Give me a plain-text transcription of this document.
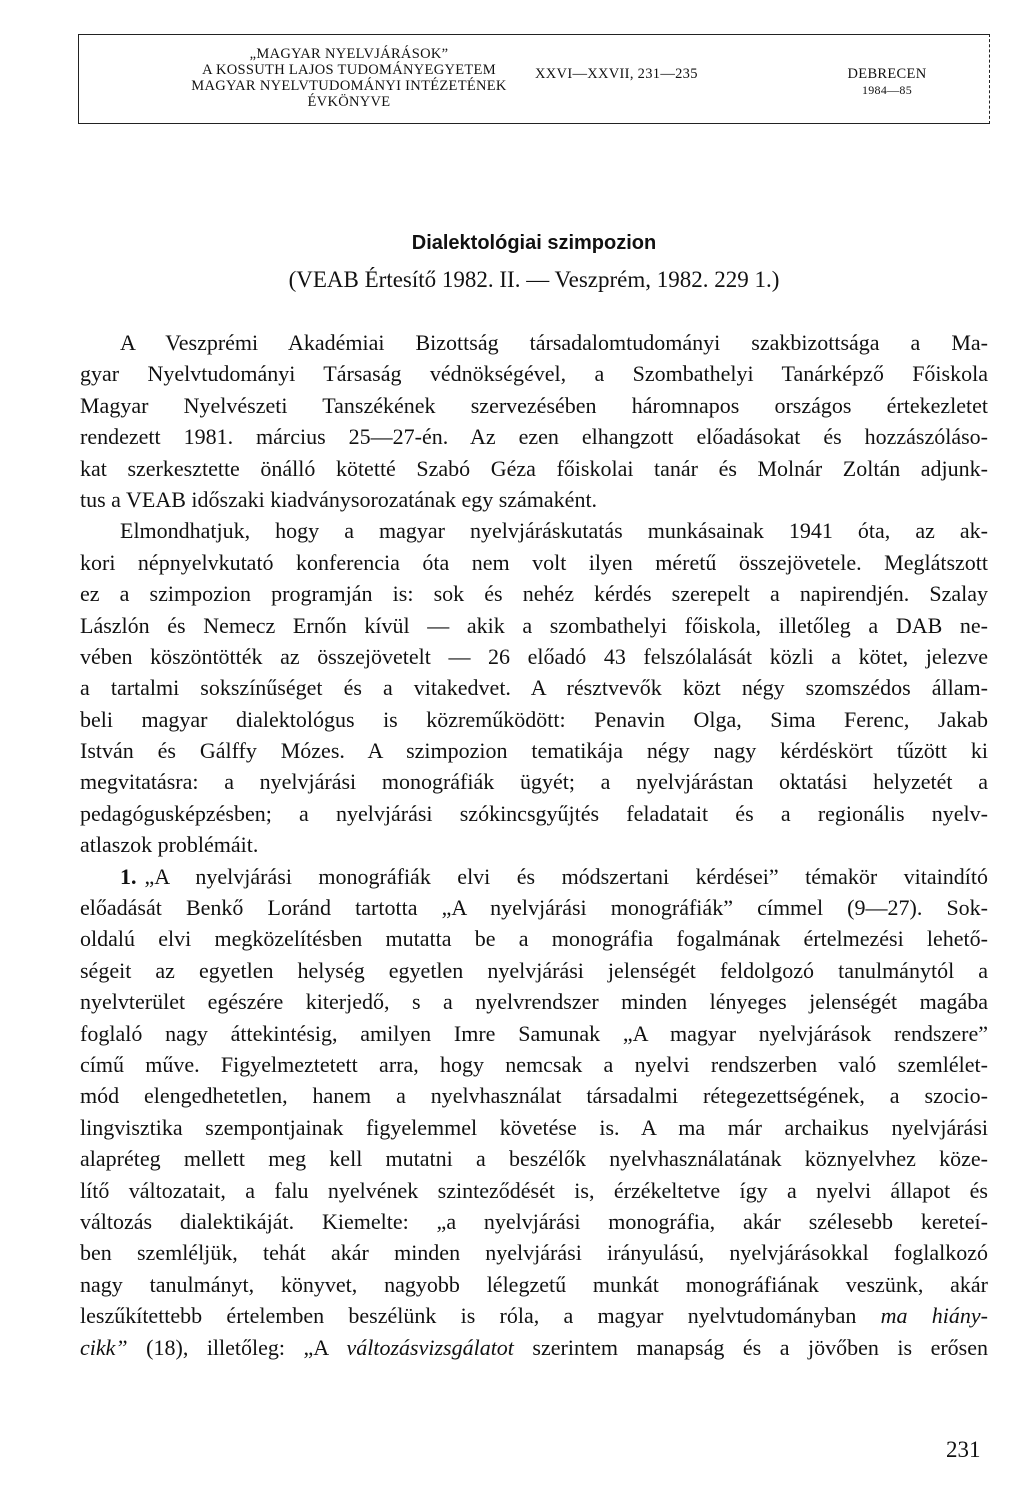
„MAGYAR NYELVJÁRÁSOK”
A KOSSUTH LAJOS TUDOMÁNYEGYETEM
MAGYAR NYELVTUDOMÁNYI INTÉZETÉNEK
ÉVKÖNYVE
XXVI—XXVII, 231—235	DEBRECEN
1984—85
Dialektológiai szimpozion
(VEAB Értesítő 1982. II. — Veszprém, 1982. 229 1.)
A Veszprémi Akadémiai Bizottság társadalomtudományi szakbizottsága a Ma-
gyar Nyelvtudományi Társaság védnökségével, a Szombathelyi Tanárképző Főiskola
Magyar Nyelvészeti Tanszékének szervezésében háromnapos országos értekezletet
rendezett 1981. március 25—27-én. Az ezen elhangzott előadásokat és hozzászóláso-
kat szerkesztette önálló kötetté Szabó Géza főiskolai tanár és Molnár Zoltán adjunk-
tus a VEAB időszaki kiadványsorozatának egy számaként.
Elmondhatjuk, hogy a magyar nyelvjáráskutatás munkásainak 1941 óta, az ak-
kori népnyelvkutató konferencia óta nem volt ilyen méretű összejövetele. Meglátszott
ez a szimpozion programján is: sok és nehéz kérdés szerepelt a napirendjén. Szalay
Lászlón és Nemecz Ernőn kívül — akik a szombathelyi főiskola, illetőleg a DAB ne-
vében köszöntötték az összejövetelt — 26 előadó 43 felszólalását közli a kötet, jelezve
a tartalmi sokszínűséget és a vitakedvet. A résztvevők közt négy szomszédos állam-
beli magyar dialektológus is közreműködött: Penavin Olga, Sima Ferenc, Jakab
István és Gálffy Mózes. A szimpozion tematikája négy nagy kérdéskört tűzött ki
megvitatásra: a nyelvjárási monográfiák ügyét; a nyelvjárástan oktatási helyzetét a
pedagógusképzésben; a nyelvjárási szókincsgyűjtés feladatait és a regionális nyelv-
atlaszok problémáit.
1. „A nyelvjárási monográfiák elvi és módszertani kérdései” témakör vitaindító
előadását Benkő Loránd tartotta „A nyelvjárási monográfiák” címmel (9—27). Sok-
oldalú elvi megközelítésben mutatta be a monográfia fogalmának értelmezési lehető-
ségeit az egyetlen helység egyetlen nyelvjárási jelenségét feldolgozó tanulmánytól a
nyelvterület egészére kiterjedő, s a nyelvrendszer minden lényeges jelenségét magába
foglaló nagy áttekintésig, amilyen Imre Samunak „A magyar nyelvjárások rendszere”
című műve. Figyelmeztetett arra, hogy nemcsak a nyelvi rendszerben való szemlélet-
mód elengedhetetlen, hanem a nyelvhasználat társadalmi rétegezettségének, a szocio-
lingvisztika szempontjainak figyelemmel követése is. A ma már archaikus nyelvjárási
alapréteg mellett meg kell mutatni a beszélők nyelvhasználatának köznyelvhez köze-
lítő változatait, a falu nyelvének szinteződését is, érzékeltetve így a nyelvi állapot és
változás dialektikáját. Kiemelte: „a nyelvjárási monográfia, akár szélesebb kereteí-
ben szemléljük, tehát akár minden nyelvjárási irányulású, nyelvjárásokkal foglalkozó
nagy tanulmányt, könyvet, nagyobb lélegzetű munkát monográfiának veszünk, akár
leszűkítettebb értelemben beszélünk is róla, a magyar nyelvtudományban ma hiány-
cikk” (18), illetőleg: „A változásvizsgálatot szerintem manapság és a jövőben is erősen
231
